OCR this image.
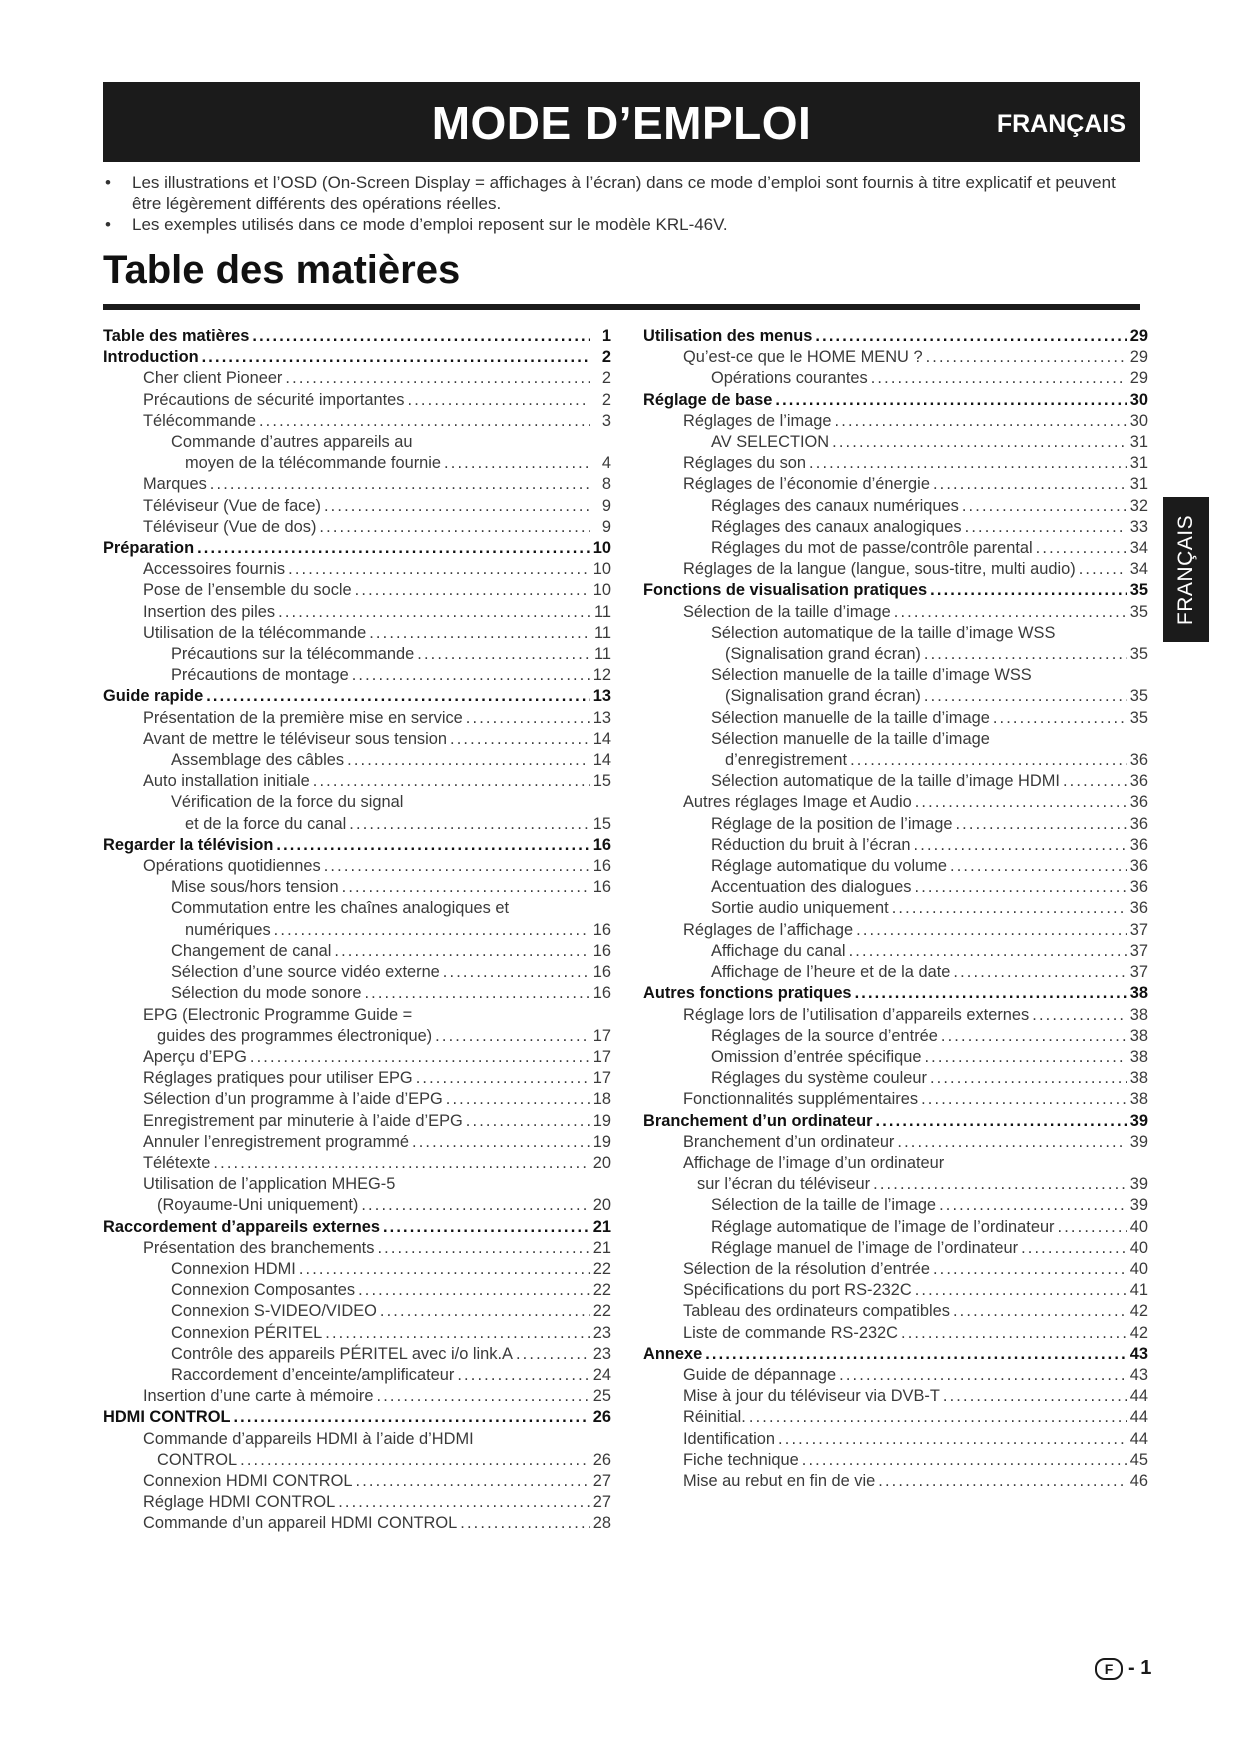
MODE D’EMPLOI	FRANÇAIS
• Les illustrations et l’OSD (On-Screen Display = affichages à l’écran) dans ce mode d’emploi sont fournis à titre explicatif et peuvent être légèrement différents des opérations réelles.
• Les exemples utilisés dans ce mode d’emploi reposent sur le modèle KRL-46V.
Table des matières
Table des matières . . .	1
Introduction . . .	2
Cher client Pioneer . . .	2
Précautions de sécurité importantes . . .	2
Télécommande . . .	3
Commande d’autres appareils au
moyen de la télécommande fournie . . .	4
Marques . . .	8
Téléviseur (Vue de face) . . .	9
Téléviseur (Vue de dos) . . .	9
Préparation . . .	10
Accessoires fournis . . .	10
Pose de l’ensemble du socle . . .	10
Insertion des piles . . .	11
Utilisation de la télécommande . . .	11
Précautions sur la télécommande . . .	11
Précautions de montage . . .	12
Guide rapide . . .	13
Présentation de la première mise en service . . .	13
Avant de mettre le téléviseur sous tension . . .	14
Assemblage des câbles . . .	14
Auto installation initiale . . .	15
Vérification de la force du signal
et de la force du canal . . .	15
Regarder la télévision . . .	16
Opérations quotidiennes . . .	16
Mise sous/hors tension . . .	16
Commutation entre les chaînes analogiques et
numériques . . .	16
Changement de canal . . .	16
Sélection d’une source vidéo externe . . .	16
Sélection du mode sonore . . .	16
EPG (Electronic Programme Guide =
guides des programmes électronique) . . .	17
Aperçu d’EPG . . .	17
Réglages pratiques pour utiliser EPG . . .	17
Sélection d’un programme à l’aide d’EPG . . .	18
Enregistrement par minuterie à l’aide d’EPG . . .	19
Annuler l’enregistrement programmé . . .	19
Télétexte . . .	20
Utilisation de l’application MHEG-5
(Royaume-Uni uniquement) . . .	20
Raccordement d’appareils externes . . .	21
Présentation des branchements . . .	21
Connexion HDMI . . .	22
Connexion Composantes . . .	22
Connexion S-VIDEO/VIDEO . . .	22
Connexion PÉRITEL . . .	23
Contrôle des appareils PÉRITEL avec i/o link.A . . .	23
Raccordement d’enceinte/amplificateur . . .	24
Insertion d’une carte à mémoire . . .	25
HDMI CONTROL . . .	26
Commande d’appareils HDMI à l’aide d’HDMI
CONTROL . . .	26
Connexion HDMI CONTROL . . .	27
Réglage HDMI CONTROL . . .	27
Commande d’un appareil HDMI CONTROL . . .	28
Utilisation des menus . . .	29
Qu’est-ce que le HOME MENU ? . . .	29
Opérations courantes . . .	29
Réglage de base . . .	30
Réglages de l’image . . .	30
AV SELECTION . . .	31
Réglages du son . . .	31
Réglages de l’économie d’énergie . . .	31
Réglages des canaux numériques . . .	32
Réglages des canaux analogiques . . .	33
Réglages du mot de passe/contrôle parental . . .	34
Réglages de la langue (langue, sous-titre, multi audio) . . .	34
Fonctions de visualisation pratiques . . .	35
Sélection de la taille d’image . . .	35
Sélection automatique de la taille d’image WSS
(Signalisation grand écran) . . .	35
Sélection manuelle de la taille d’image WSS
(Signalisation grand écran) . . .	35
Sélection manuelle de la taille d’image . . .	35
Sélection manuelle de la taille d’image
d’enregistrement . . .	36
Sélection automatique de la taille d’image HDMI . . .	36
Autres réglages Image et Audio . . .	36
Réglage de la position de l’image . . .	36
Réduction du bruit à l’écran . . .	36
Réglage automatique du volume . . .	36
Accentuation des dialogues . . .	36
Sortie audio uniquement . . .	36
Réglages de l’affichage . . .	37
Affichage du canal . . .	37
Affichage de l’heure et de la date . . .	37
Autres fonctions pratiques . . .	38
Réglage lors de l’utilisation d’appareils externes . . .	38
Réglages de la source d’entrée . . .	38
Omission d’entrée spécifique . . .	38
Réglages du système couleur . . .	38
Fonctionnalités supplémentaires . . .	38
Branchement d’un ordinateur . . .	39
Branchement d’un ordinateur . . .	39
Affichage de l’image d’un ordinateur
sur l’écran du téléviseur . . .	39
Sélection de la taille de l’image . . .	39
Réglage automatique de l’image de l’ordinateur . . .	40
Réglage manuel de l’image de l’ordinateur . . .	40
Sélection de la résolution d’entrée . . .	40
Spécifications du port RS-232C . . .	41
Tableau des ordinateurs compatibles . . .	42
Liste de commande RS-232C . . .	42
Annexe . . .	43
Guide de dépannage . . .	43
Mise à jour du téléviseur via DVB-T . . .	44
Réinitial. . . .	44
Identification . . .	44
Fiche technique . . .	45
Mise au rebut en fin de vie . . .	46
FRANÇAIS
F - 1
